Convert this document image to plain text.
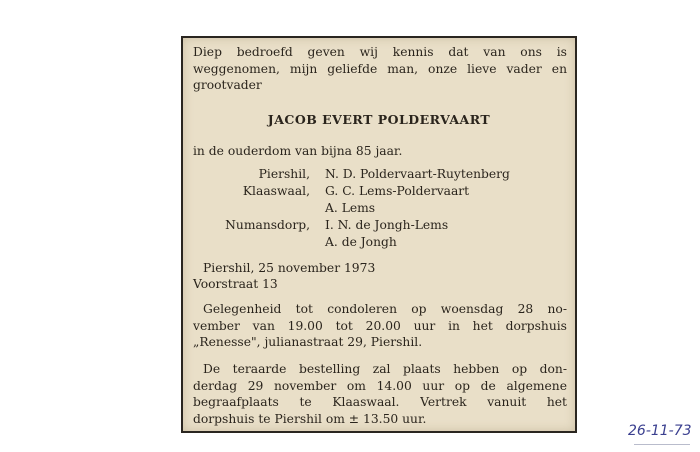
Diep bedroefd geven wij kennis dat van ons is
weggenomen, mijn geliefde man, onze lieve vader en
grootvader
JACOB EVERT POLDERVAART
in de ouderdom van bijna 85 jaar.
Piershil, N. D. Poldervaart-Ruytenberg
Klaaswaal, G. C. Lems-Poldervaart
A. Lems
Numansdorp, I. N. de Jongh-Lems
A. de Jongh
Piershil, 25 november 1973
Voorstraat 13
Gelegenheid tot condoleren op woensdag 28 no-
vember van 19.00 tot 20.00 uur in het dorpshuis
„Renesse", julianastraat 29, Piershil.
De teraarde bestelling zal plaats hebben op don-
derdag 29 november om 14.00 uur op de algemene
begraafplaats te Klaaswaal. Vertrek vanuit het
dorpshuis te Piershil om ± 13.50 uur.
26-11-73
